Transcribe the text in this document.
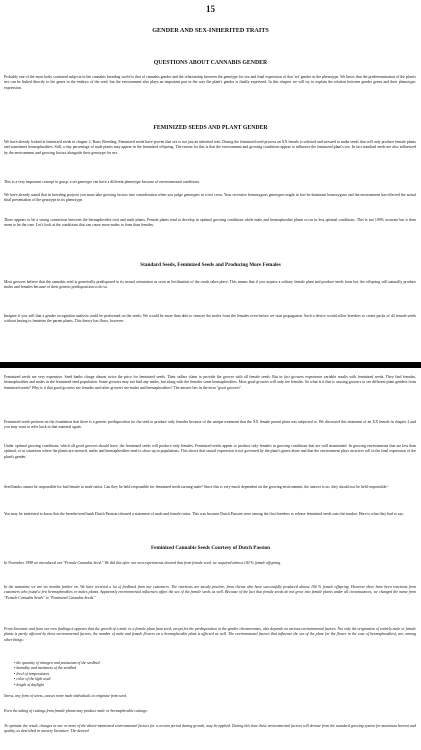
15
GENDER AND SEX-INHERITED TRAITS
QUESTIONS ABOUT CANNABIS GENDER

Probably one of the most hotly contested subjects in the cannabis breeding world is that of cannabis gender and the relationship between the genotype for sex and final expression of that 'set' gender in the phenotype. We know that the predetermination of the plant's sex can be linked directly to the genes in the embryo of the seed, but the environment also plays an important part in the way the plant's gender is finally expressed. In this chapter we will try to explain the relation between gender genes and their phenotypic expression.

FEMINIZED SEEDS AND PLANT GENDER

We have already looked at feminized seeds in chapter 2, Basic Breeding. Feminized seeds have proven that sex is not just an inherited trait. During the feminized seed process an XX female is selected and stressed to make seeds that will only produce female plants and sometimes hermaphrodites. Still, a tiny percentage of male plants may appear in the feminized offspring. The reason for this is that the environment and growing conditions appear to influence the feminized plant's sex. In fact standard seeds are also influenced by the environment and growing factors alongside their genotype for sex.

This is a very important concept to grasp: a set genotype can have a different phenotype because of environmental conditions.

We have already stated that in breeding projects you must take growing factors into consideration when you judge genotypes in a test cross. Your recessive homozygous genotypes might in fact be dominant homozygous and the environment has effected the actual final presentation of the genotype in its phenotype.

There appears to be a strong connection between the hermaphrodite trait and male plants. Female plants tend to develop in optimal growing conditions while male and hermaphrodite plants occur in less optimal conditions. This is not 100% accurate but it does seem to be the case. Let's look at the conditions that can cause more males to form than females.

Standard Seeds, Feminized Seeds and Producing More Females

Most growers believe that the cannabis seed is genetically predisposed to its sexual orientation as soon as fertilization of the ovule takes place. This means that if you acquire a solitary female plant and produce seeds from her, the offspring will naturally produce males and females because of their genetic predisposition to do so.

Imagine if you will that a gender recognition analysis could be performed on the seeds. We would be more than able to remove the males from the females even before we start propagation. Such a device would allow breeders to create packs of all female seeds without having to feminize the parent plants. This theory has flaws, however.

Feminized seeds are very expensive. Seed banks charge almost twice the price for feminized seeds. Their sellers claim to provide the grower with all female seeds. But in fact growers experience variable results with feminized seeds. They find females, hermaphrodites and males in the feminized seed population. Some growers may not find any males, but along with the females some hermaphrodites. Most good growers will only see females. So what is it that is causing growers to see different plant genders from feminized seeds? Why is it that good growers see females and other growers see males and hermaphrodites? The answer lies in the term "good growers".

Feminized seeds perform on the foundation that there is a genetic predisposition for the seed to produce only females because of the unique treatment that the XX female parent plant was subjected to. We discussed this treatment of an XX female in chapter 2 and you may want to refer back to that material again.

Under optimal growing conditions, which all good growers should have, the feminized seeds will produce only females. Feminized seeds appear to produce only females in growing conditions that are well maintained. In growing environments that are less than optimal, or in situations where the plants are stressed, males and hermaphrodites tend to show up in populations. This shows that sexual expression is not governed by the plant's genes alone and that the environment plays an active roll in the final expression of the plant's gender.

Seed banks cannot be responsible for bad female to male ratios. Can they be held responsible for feminized seeds turning male? Since this is very much dependent on the growing environment, the answer is no, they should not be held responsible.¹

You may be interested to know that the breeder/seed bank Dutch Passion released a statement of male and female ratios. This was because Dutch Passion were among the first breeders to release feminized seeds onto the market. Here is what they had to say:

Feminized Cannabis Seeds Courtesy of Dutch Passion

In November 1998 we introduced our "Female Cannabis Seed." We did this after our own experiments showed that from female seed, we acquired almost 100 % female offspring.

In the meantime we are six months further on. We have received a lot of feedback from our customers. The reactions are mostly positive, from clients who have successfully produced almost 100 % female offspring. However there have been reactions from customers who found a few hermaphrodites or males plants. Apparently environmental influences affect the sex of the female seeds as well. Because of the fact that female seeds do not grow into female plants under all circumstances, we changed the name from "Female Cannabis Seeds" to "Feminized Cannabis Seeds."

From literature and from our own findings it appears that the growth of a male or a female plant from seed, except for the predisposition in the gender chromosomes, also depends on various environmental factors. Not only the origination of entirely male or female plants is partly affected by these environmental factors, the number of male and female flowers on a hermaphrodite plant is affected as well. The environmental factors that influence the sex of the plant (or the flower in the case of hermaphrodites), are, among other things:

• the quantity of nitrogen and potassium of the seedbed
• humidity and moistness of the seedbed
• level of temperatures
• color of the light used
• length of daylight

Stress, any form of stress, causes more male individuals to originate from seed.

Even the taking of cuttings from female plants may produce male or hermaphrodite cuttings.

To optimize the result, changes in one or more of the above-mentioned environmental factors for a certain period during growth, may be applied. During this time these environmental factors will deviate from the standard growing system for maximum harvest and quality, as described in nursery literature. The desired
